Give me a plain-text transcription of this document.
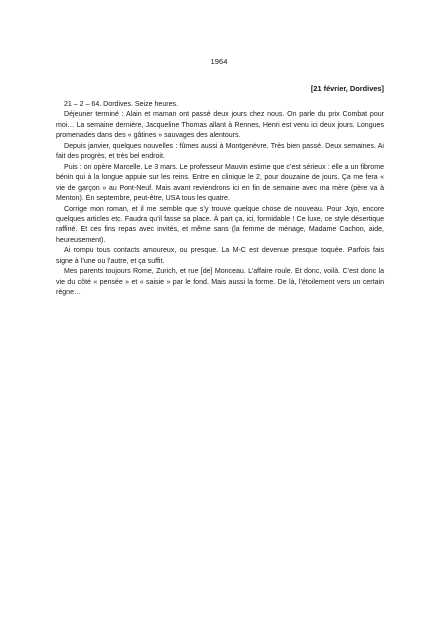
1964
[21 février, Dordives]

21 – 2 – 64. Dordives. Seize heures.

Déjeuner terminé : Alain et maman ont passé deux jours chez nous. On parle du prix Combat pour moi… La semaine dernière, Jacqueline Thomas allant à Rennes, Henri est venu ici deux jours. Longues promenades dans des « gâtines » sauvages des alentours.

Depuis janvier, quelques nouvelles : fûmes aussi à Montgenèvre. Très bien passé. Deux semaines. Ai fait des progrès, et très bel endroit.

Puis : on opère Marcelle. Le 3 mars. Le professeur Mauvin estime que c’est sérieux : elle a un fibrome bénin qui à la longue appuie sur les reins. Entre en clinique le 2, pour douzaine de jours. Ça me fera « vie de garçon » au Pont-Neuf. Mais avant reviendrons ici en fin de semaine avec ma mère (père va à Menton). En septembre, peut-être, USA tous les quatre.

Corrige mon roman, et il me semble que s’y trouve quelque chose de nouveau. Pour Jojo, encore quelques articles etc. Faudra qu’il fasse sa place. À part ça, ici, formidable ! Ce luxe, ce style désertique raffiné. Et ces fins repas avec invités, et même sans (la femme de ménage, Madame Cachon, aide, heureusement).

Ai rompu tous contacts amoureux, ou presque. La M-C est devenue presque toquée. Parfois fais signe à l’une ou l’autre, et ça suffit.

Mes parents toujours Rome, Zurich, et rue [de] Monceau. L’affaire roule. Et donc, voilà. C’est donc la vie du côté « pensée » et « saisie » par le fond. Mais aussi la forme. De là, l’étoilement vers un certain règne…
